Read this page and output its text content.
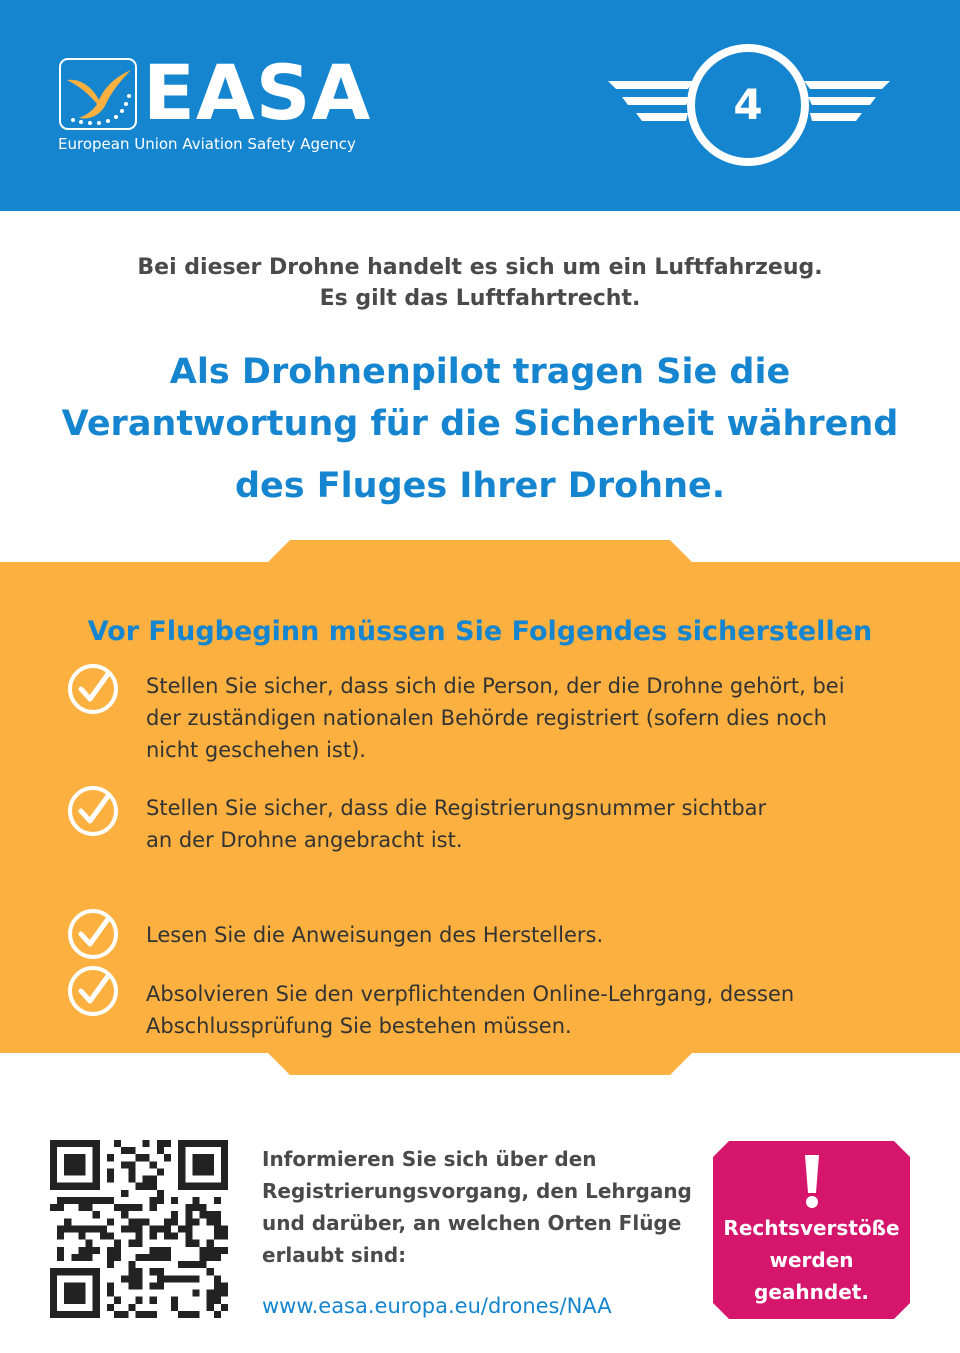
EASA
European Union Aviation Safety Agency
4
Bei dieser Drohne handelt es sich um ein Luftfahrzeug.
Es gilt das Luftfahrtrecht.
Als Drohnenpilot tragen Sie die
Verantwortung für die Sicherheit während
des Fluges Ihrer Drohne.
Vor Flugbeginn müssen Sie Folgendes sicherstellen
Stellen Sie sicher, dass sich die Person, der die Drohne gehört, bei
der zuständigen nationalen Behörde registriert (sofern dies noch
nicht geschehen ist).
Stellen Sie sicher, dass die Registrierungsnummer sichtbar
an der Drohne angebracht ist.
Lesen Sie die Anweisungen des Herstellers.
Absolvieren Sie den verpflichtenden Online-Lehrgang, dessen
Abschlussprüfung Sie bestehen müssen.
Informieren Sie sich über den
Registrierungsvorgang, den Lehrgang
und darüber, an welchen Orten Flüge
erlaubt sind:
www.easa.europa.eu/drones/NAA
Rechtsverstöße
werden
geahndet.
